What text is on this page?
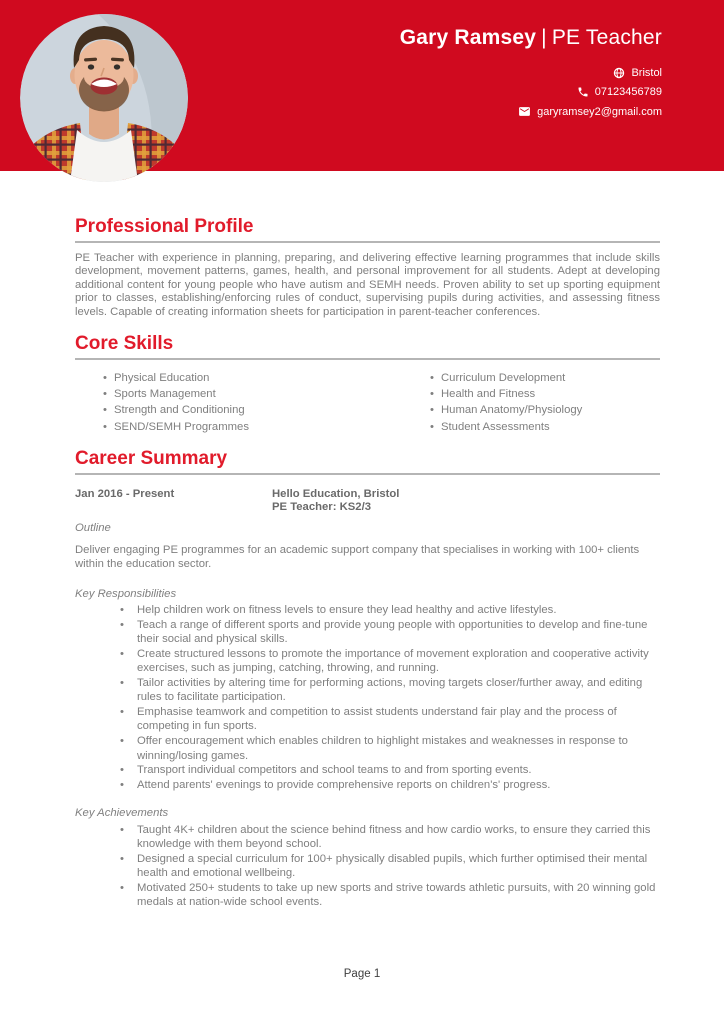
Gary Ramsey | PE Teacher
Bristol
07123456789
garyramsey2@gmail.com
Professional Profile

PE Teacher with experience in planning, preparing, and delivering effective learning programmes that include skills development, movement patterns, games, health, and personal improvement for all students. Adept at developing additional content for young people who have autism and SEMH needs. Proven ability to set up sporting equipment prior to classes, establishing/enforcing rules of conduct, supervising pupils during activities, and assessing fitness levels. Capable of creating information sheets for participation in parent-teacher conferences.

Core Skills
• Physical Education
• Sports Management
• Strength and Conditioning
• SEND/SEMH Programmes
• Curriculum Development
• Health and Fitness
• Human Anatomy/Physiology
• Student Assessments
Career Summary
Jan 2016 - Present	Hello Education, Bristol
PE Teacher: KS2/3
Outline

Deliver engaging PE programmes for an academic support company that specialises in working with 100+ clients within the education sector.

Key Responsibilities
•	Help children work on fitness levels to ensure they lead healthy and active lifestyles.
•	Teach a range of different sports and provide young people with opportunities to develop and fine-tune their social and physical skills.
•	Create structured lessons to promote the importance of movement exploration and cooperative activity exercises, such as jumping, catching, throwing, and running.
•	Tailor activities by altering time for performing actions, moving targets closer/further away, and editing rules to facilitate participation.
•	Emphasise teamwork and competition to assist students understand fair play and the process of competing in fun sports.
•	Offer encouragement which enables children to highlight mistakes and weaknesses in response to winning/losing games.
•	Transport individual competitors and school teams to and from sporting events.
•	Attend parents' evenings to provide comprehensive reports on children's' progress.
Key Achievements
•	Taught 4K+ children about the science behind fitness and how cardio works, to ensure they carried this knowledge with them beyond school.
•	Designed a special curriculum for 100+ physically disabled pupils, which further optimised their mental health and emotional wellbeing.
•	Motivated 250+ students to take up new sports and strive towards athletic pursuits, with 20 winning gold medals at nation-wide school events.
Page 1
